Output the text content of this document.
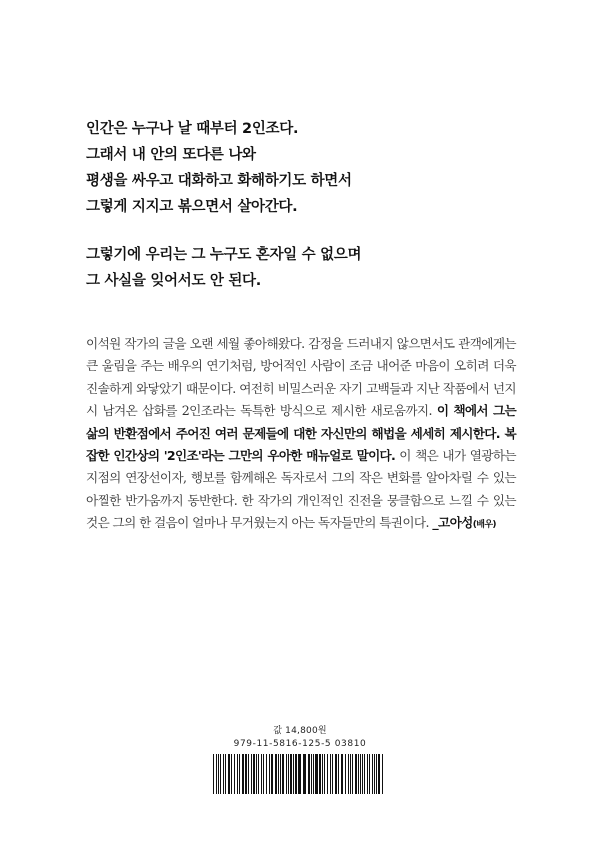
인간은 누구나 날 때부터 2인조다.
그래서 내 안의 또다른 나와
평생을 싸우고 대화하고 화해하기도 하면서
그렇게 지지고 볶으면서 살아간다.
그렇기에 우리는 그 누구도 혼자일 수 없으며
그 사실을 잊어서도 안 된다.
이석원 작가의 글을 오랜 세월 좋아해왔다. 감정을 드러내지 않으면서도 관객에게는 큰 울림을 주는 배우의 연기처럼, 방어적인 사람이 조금 내어준 마음이 오히려 더욱 진솔하게 와닿았기 때문이다. 여전히 비밀스러운 자기 고백들과 지난 작품에서 넌지시 남겨온 삽화를 2인조라는 독특한 방식으로 제시한 새로움까지. 이 책에서 그는 삶의 반환점에서 주어진 여러 문제들에 대한 자신만의 해법을 세세히 제시한다. 복잡한 인간상의 '2인조'라는 그만의 우아한 매뉴얼로 말이다. 이 책은 내가 열광하는 지점의 연장선이자, 행보를 함께해온 독자로서 그의 작은 변화를 알아차릴 수 있는 아찔한 반가움까지 동반한다. 한 작가의 개인적인 진전을 뭉클함으로 느낄 수 있는 것은 그의 한 걸음이 얼마나 무거웠는지 아는 독자들만의 특권이다. _고아성(배우)
값 14,800원
979-11-5816-125-5 03810
